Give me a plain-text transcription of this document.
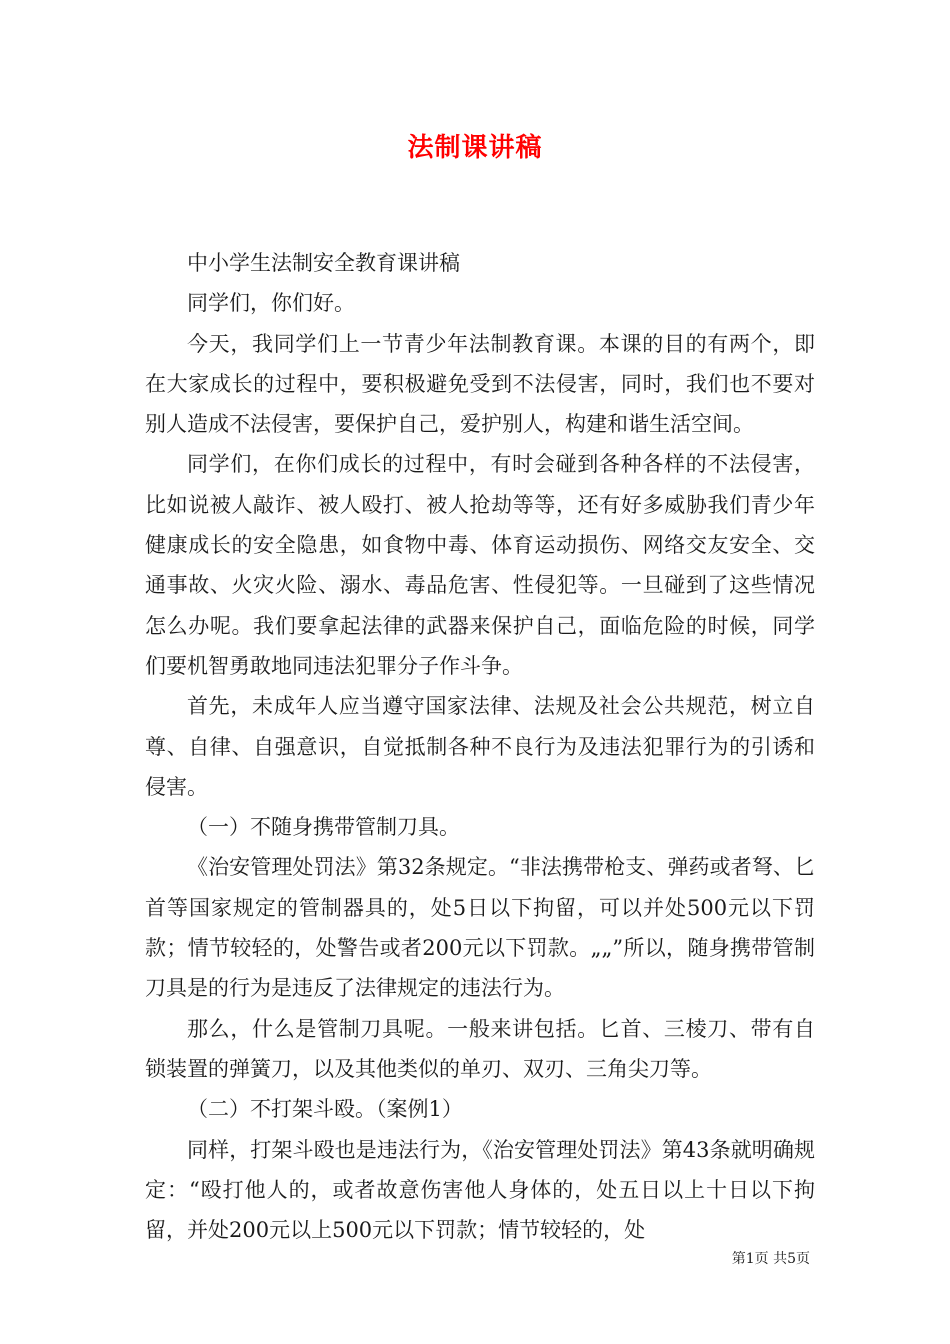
法制课讲稿

中小学生法制安全教育课讲稿

同学们，你们好。

今天，我同学们上一节青少年法制教育课。本课的目的有两个，即在大家成长的过程中，要积极避免受到不法侵害，同时，我们也不要对别人造成不法侵害，要保护自己，爱护别人，构建和谐生活空间。

同学们，在你们成长的过程中，有时会碰到各种各样的不法侵害，比如说被人敲诈、被人殴打、被人抢劫等等，还有好多威胁我们青少年健康成长的安全隐患，如食物中毒、体育运动损伤、网络交友安全、交通事故、火灾火险、溺水、毒品危害、性侵犯等。一旦碰到了这些情况怎么办呢。我们要拿起法律的武器来保护自己，面临危险的时候，同学们要机智勇敢地同违法犯罪分子作斗争。

首先，未成年人应当遵守国家法律、法规及社会公共规范，树立自尊、自律、自强意识，自觉抵制各种不良行为及违法犯罪行为的引诱和侵害。

（一）不随身携带管制刀具。

《治安管理处罚法》第32条规定。“非法携带枪支、弹药或者弩、匕首等国家规定的管制器具的，处5日以下拘留，可以并处500元以下罚款；情节较轻的，处警告或者200元以下罚款。„„”所以，随身携带管制刀具是的行为是违反了法律规定的违法行为。

那么，什么是管制刀具呢。一般来讲包括。匕首、三棱刀、带有自锁装置的弹簧刀，以及其他类似的单刃、双刃、三角尖刀等。

（二）不打架斗殴。（案例1）

同样，打架斗殴也是违法行为，《治安管理处罚法》第43条就明确规定：“殴打他人的，或者故意伤害他人身体的，处五日以上十日以下拘留，并处200元以上500元以下罚款；情节较轻的，处

第1页 共5页
